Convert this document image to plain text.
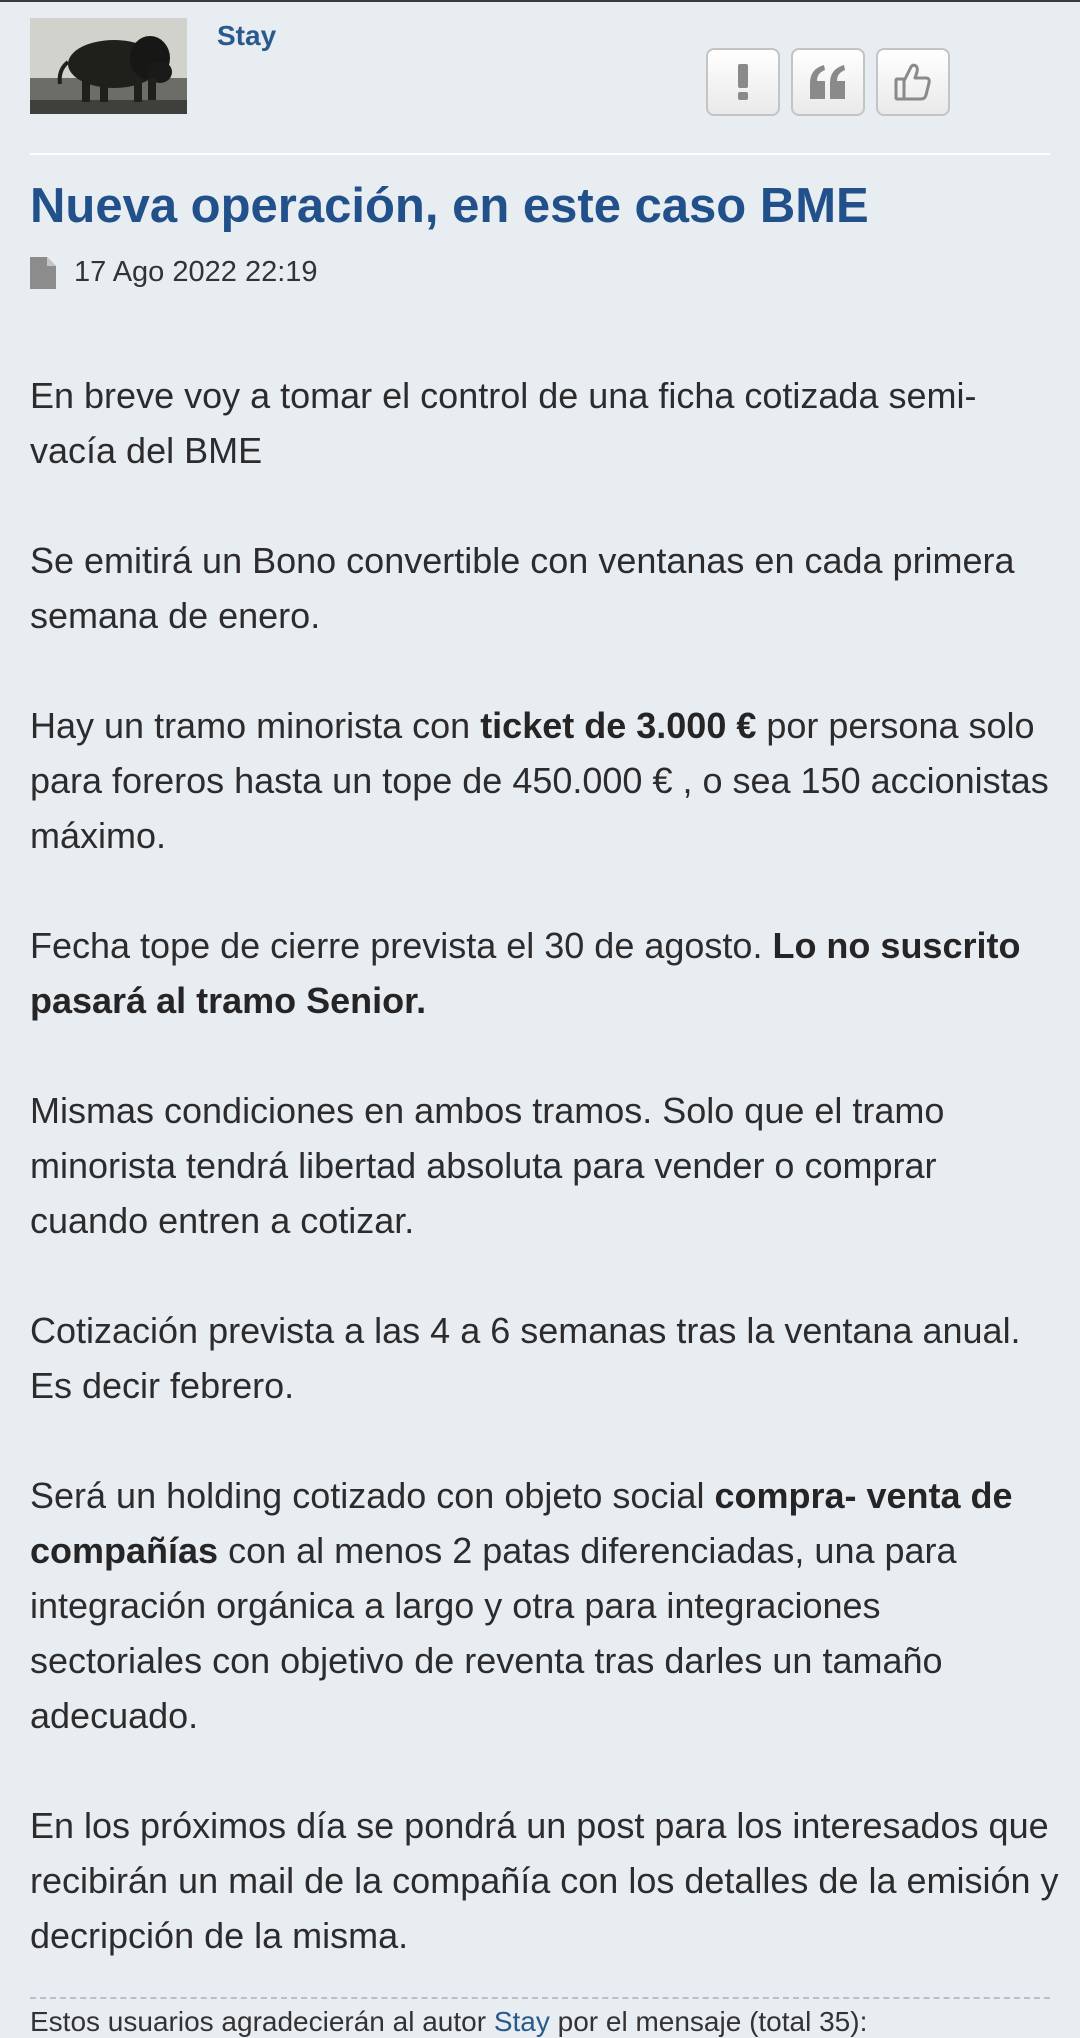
Stay
Nueva operación, en este caso BME
17 Ago 2022 22:19

En breve voy a tomar el control de una ficha cotizada semi-vacía del BME

Se emitirá un Bono convertible con ventanas en cada primera semana de enero.

Hay un tramo minorista con ticket de 3.000 € por persona solo para foreros hasta un tope de 450.000 € , o sea 150 accionistas máximo.

Fecha tope de cierre prevista el 30 de agosto. Lo no suscrito pasará al tramo Senior.

Mismas condiciones en ambos tramos. Solo que el tramo minorista tendrá libertad absoluta para vender o comprar cuando entren a cotizar.

Cotización prevista a las 4 a 6 semanas tras la ventana anual. Es decir febrero.

Será un holding cotizado con objeto social compra- venta de compañías con al menos 2 patas diferenciadas, una para integración orgánica a largo y otra para integraciones sectoriales con objetivo de reventa tras darles un tamaño adecuado.

En los próximos día se pondrá un post para los interesados que recibirán un mail de la compañía con los detalles de la emisión y decripción de la misma.

Estos usuarios agradecierán al autor Stay por el mensaje (total 35):
